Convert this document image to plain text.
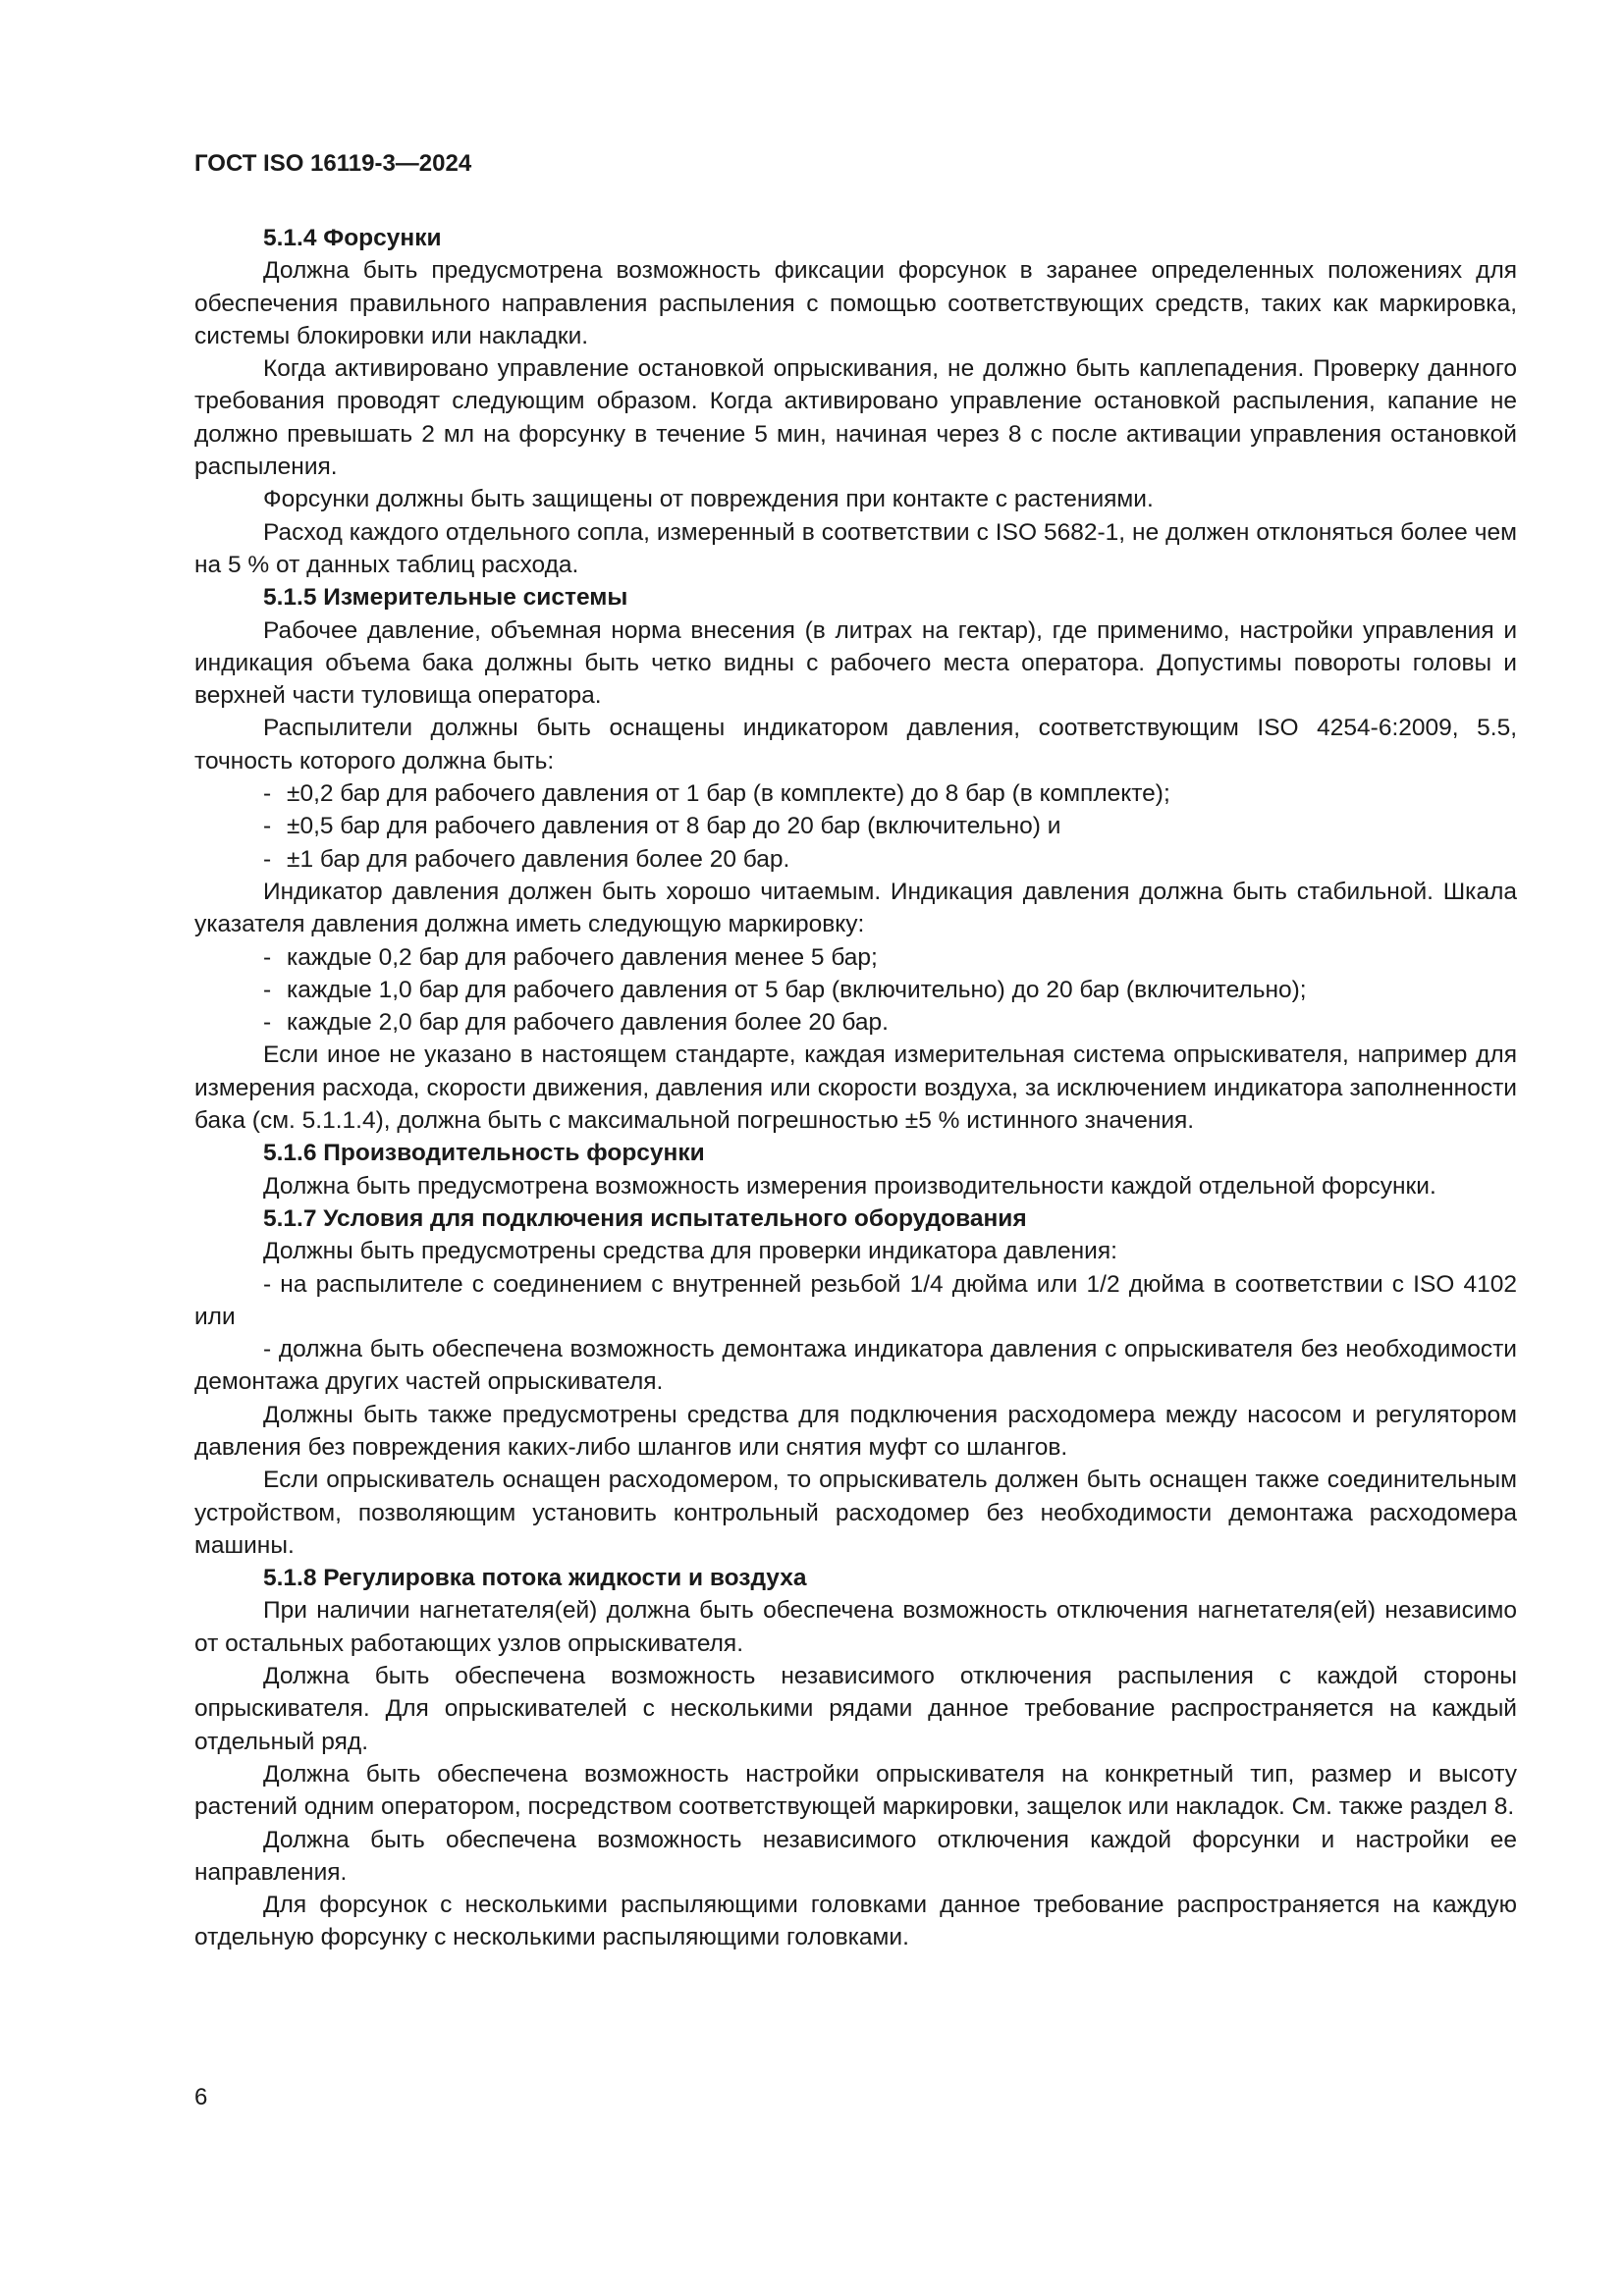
ГОСТ ISO 16119-3—2024
5.1.4 Форсунки
Должна быть предусмотрена возможность фиксации форсунок в заранее определенных положениях для обеспечения правильного направления распыления с помощью соответствующих средств, таких как маркировка, системы блокировки или накладки.
Когда активировано управление остановкой опрыскивания, не должно быть каплепадения. Проверку данного требования проводят следующим образом. Когда активировано управление остановкой распыления, капание не должно превышать 2 мл на форсунку в течение 5 мин, начиная через 8 с после активации управления остановкой распыления.
Форсунки должны быть защищены от повреждения при контакте с растениями.
Расход каждого отдельного сопла, измеренный в соответствии с ISO 5682-1, не должен отклоняться более чем на 5 % от данных таблиц расхода.
5.1.5 Измерительные системы
Рабочее давление, объемная норма внесения (в литрах на гектар), где применимо, настройки управления и индикация объема бака должны быть четко видны с рабочего места оператора. Допустимы повороты головы и верхней части туловища оператора.
Распылители должны быть оснащены индикатором давления, соответствующим ISO 4254-6:2009, 5.5, точность которого должна быть:
- ±0,2 бар для рабочего давления от 1 бар (в комплекте) до 8 бар (в комплекте);
- ±0,5 бар для рабочего давления от 8 бар до 20 бар (включительно) и
- ±1 бар для рабочего давления более 20 бар.
Индикатор давления должен быть хорошо читаемым. Индикация давления должна быть стабильной. Шкала указателя давления должна иметь следующую маркировку:
- каждые 0,2 бар для рабочего давления менее 5 бар;
- каждые 1,0 бар для рабочего давления от 5 бар (включительно) до 20 бар (включительно);
- каждые 2,0 бар для рабочего давления более 20 бар.
Если иное не указано в настоящем стандарте, каждая измерительная система опрыскивателя, например для измерения расхода, скорости движения, давления или скорости воздуха, за исключением индикатора заполненности бака (см. 5.1.1.4), должна быть с максимальной погрешностью ±5 % истинного значения.
5.1.6 Производительность форсунки
Должна быть предусмотрена возможность измерения производительности каждой отдельной форсунки.
5.1.7 Условия для подключения испытательного оборудования
Должны быть предусмотрены средства для проверки индикатора давления:
- на распылителе с соединением с внутренней резьбой 1/4 дюйма или 1/2 дюйма в соответствии с ISO 4102 или
- должна быть обеспечена возможность демонтажа индикатора давления с опрыскивателя без необходимости демонтажа других частей опрыскивателя.
Должны быть также предусмотрены средства для подключения расходомера между насосом и регулятором давления без повреждения каких-либо шлангов или снятия муфт со шлангов.
Если опрыскиватель оснащен расходомером, то опрыскиватель должен быть оснащен также соединительным устройством, позволяющим установить контрольный расходомер без необходимости демонтажа расходомера машины.
5.1.8 Регулировка потока жидкости и воздуха
При наличии нагнетателя(ей) должна быть обеспечена возможность отключения нагнетателя(ей) независимо от остальных работающих узлов опрыскивателя.
Должна быть обеспечена возможность независимого отключения распыления с каждой стороны опрыскивателя. Для опрыскивателей с несколькими рядами данное требование распространяется на каждый отдельный ряд.
Должна быть обеспечена возможность настройки опрыскивателя на конкретный тип, размер и высоту растений одним оператором, посредством соответствующей маркировки, защелок или накладок. См. также раздел 8.
Должна быть обеспечена возможность независимого отключения каждой форсунки и настройки ее направления.
Для форсунок с несколькими распыляющими головками данное требование распространяется на каждую отдельную форсунку с несколькими распыляющими головками.
6
